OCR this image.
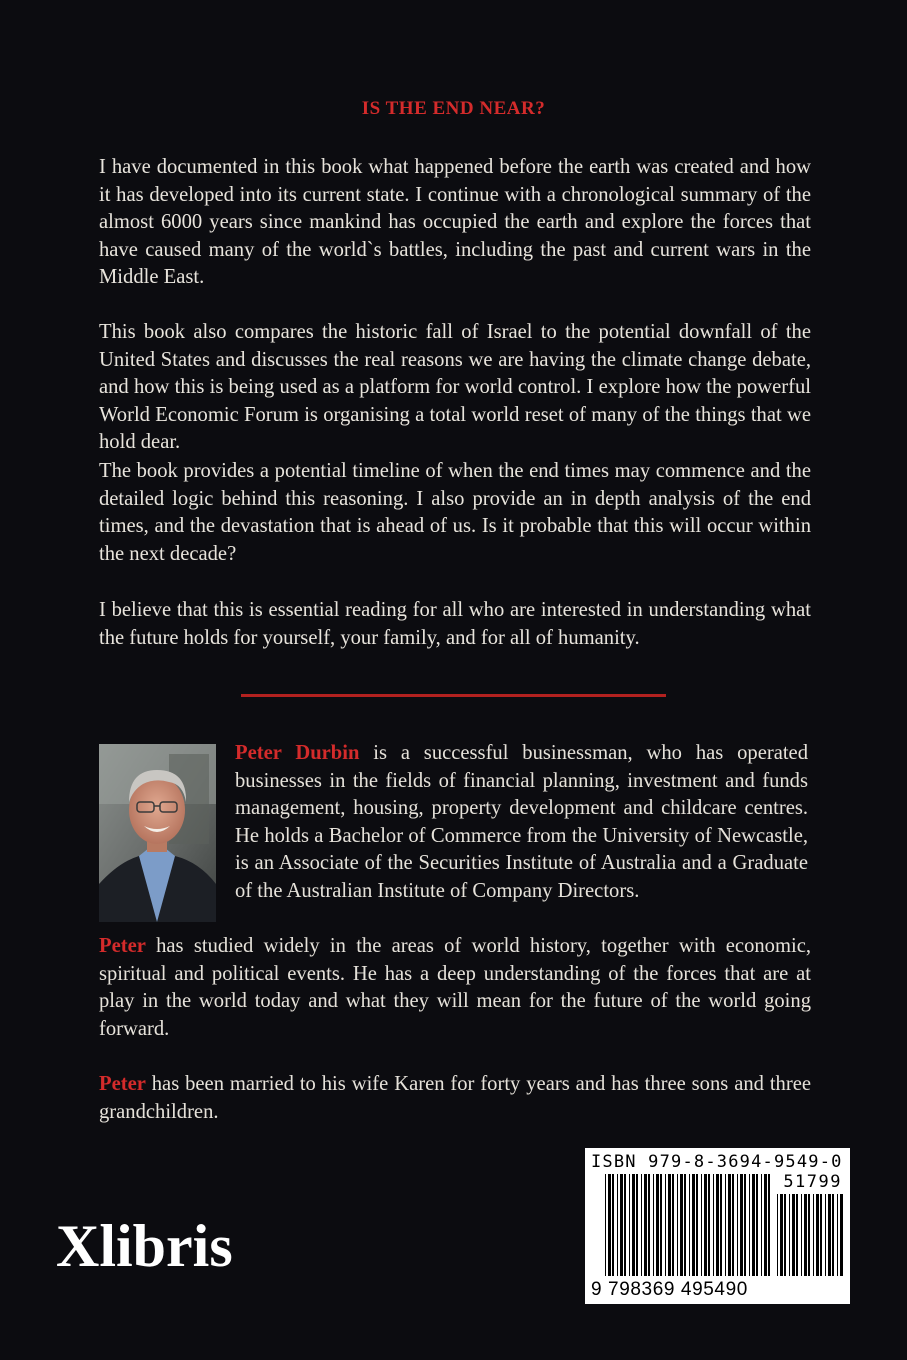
IS THE END NEAR?
I have documented in this book what happened before the earth was created and how it has developed into its current state. I continue with a chronological summary of the almost 6000 years since mankind has occupied the earth and explore the forces that have caused many of the world`s battles, including the past and current wars in the Middle East.
This book also compares the historic fall of Israel to the potential downfall of the United States and discusses the real reasons we are having the climate change debate, and how this is being used as a platform for world control. I explore how the powerful World Economic Forum is organising a total world reset of many of the things that we hold dear.
The book provides a potential timeline of when the end times may commence and the detailed logic behind this reasoning. I also provide an in depth analysis of the end times, and the devastation that is ahead of us. Is it probable that this will occur within the next decade?
I believe that this is essential reading for all who are interested in understanding what the future holds for yourself, your family, and for all of humanity.
Peter Durbin is a successful businessman, who has operated businesses in the fields of financial planning, investment and funds management, housing, property development and childcare centres. He holds a Bachelor of Commerce from the University of Newcastle, is an Associate of the Securities Institute of Australia and a Graduate of the Australian Institute of Company Directors.
Peter has studied widely in the areas of world history, together with economic, spiritual and political events. He has a deep understanding of the forces that are at play in the world today and what they will mean for the future of the world going forward.
Peter has been married to his wife Karen for forty years and has three sons and three grandchildren.
Xlibris
ISBN 979-8-3694-9549-0
51799
9 798369 495490
